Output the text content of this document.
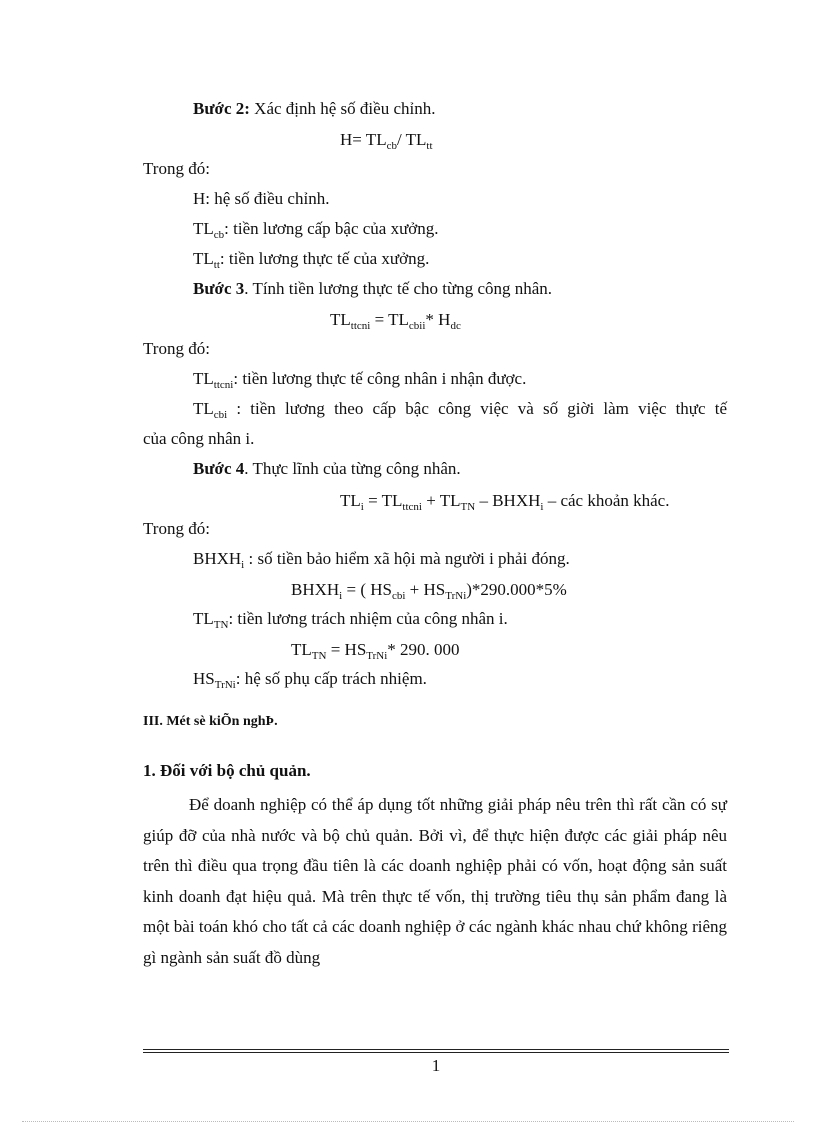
Bước 2: Xác định hệ số điều chỉnh.
$H= TL_{cb}/$ $TL_{tt}$
Trong đó:
H: hệ số điều chỉnh.
$TL_{cb}$: tiền lương cấp bậc của xưởng.
$TL_{tt}$: tiền lương thực tế của xưởng.
Bước 3. Tính tiền lương thực tế cho từng công nhân.
$TL_{ttcni} = TL_{cbii}*$ $H_{dc}$
Trong đó:
$TL_{ttcni}$: tiền lương thực tế công nhân i nhận được.
$TL_{cbi}$ : tiền lương theo cấp bậc công việc và số giời làm việc thực tế
của công nhân i.
Bước 4. Thực lĩnh của từng công nhân.
$TL_i = TL_{ttcni} + TL_{TN}$ – $BHXH_i$ – các khoản khác.
Trong đó:
$BHXH_i$ : số tiền bảo hiểm xã hội mà người i phải đóng.
$BHXH_i$ = ( $HS_{cbi} + HS_{TrNi})*290.000*5\%$
$TL_{TN}$: tiền lương trách nhiệm của công nhân i.
$TL_{TN} = HS_{TrNi}*$ 290. 000
$HS_{TrNi}$: hệ số phụ cấp trách nhiệm.
III. Mét sè kiÕn nghÞ.
1. Đối với bộ chủ quản.
Để doanh nghiệp có thể áp dụng tốt những giải pháp nêu trên thì rất cần có sự giúp đỡ của nhà nước và bộ chủ quản. Bởi vì, để thực hiện được các giải pháp nêu trên thì điều qua trọng đầu tiên là các doanh nghiệp phải có vốn, hoạt động sản suất kinh doanh đạt hiệu quả. Mà trên thực tế vốn, thị trường tiêu thụ sản phẩm đang là một bài toán khó cho tất cả các doanh nghiệp ở các ngành khác nhau chứ không riêng gì ngành sản suất đồ dùng
1
